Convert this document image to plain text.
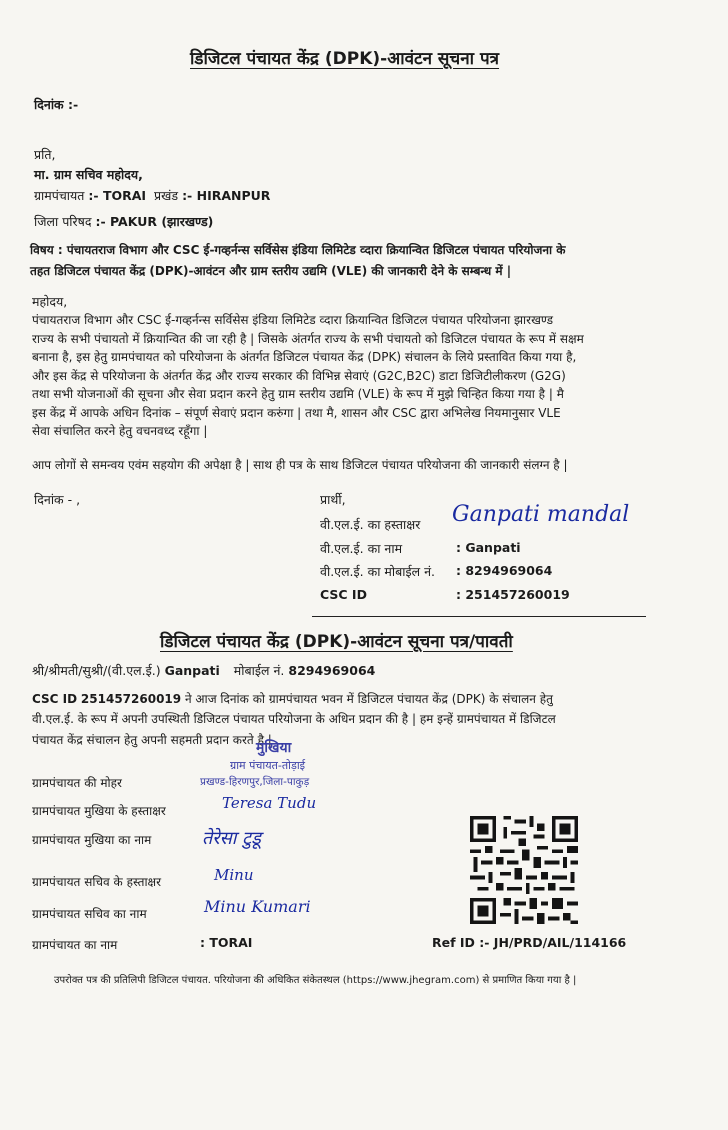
डिजिटल पंचायत केंद्र (DPK)-आवंटन सूचना पत्र
दिनांक :-
प्रति,
मा. ग्राम सचिव महोदय,
ग्रामपंचायत :- TORAI प्रखंड :- HIRANPUR
जिला परिषद :- PAKUR (झारखण्ड)
विषय : पंचायतराज विभाग और CSC ई-गव्हर्नन्स सर्विसेस इंडिया लिमिटेड व्दारा क्रियान्वित डिजिटल पंचायत परियोजना के
तहत डिजिटल पंचायत केंद्र (DPK)-आवंटन और ग्राम स्तरीय उद्यमि (VLE) की जानकारी देने के सम्बन्ध में |
महोदय,
पंचायतराज विभाग और CSC ई-गव्हर्नन्स सर्विसेस इंडिया लिमिटेड व्दारा क्रियान्वित डिजिटल पंचायत परियोजना झारखण्ड
राज्य के सभी पंचायतो में क्रियान्वित की जा रही है | जिसके अंतर्गत राज्य के सभी पंचायतो को डिजिटल पंचायत के रूप में सक्षम
बनाना है, इस हेतु ग्रामपंचायत को परियोजना के अंतर्गत डिजिटल पंचायत केंद्र (DPK) संचालन के लिये प्रस्तावित किया गया है,
और इस केंद्र से परियोजना के अंतर्गत केंद्र और राज्य सरकार की विभिन्न सेवाएं (G2C,B2C) डाटा डिजिटीलीकरण (G2G)
तथा सभी योजनाओं की सूचना और सेवा प्रदान करने हेतु ग्राम स्तरीय उद्यमि (VLE) के रूप में मुझे चिन्हित किया गया है | मै
इस केंद्र में आपके अधिन दिनांक – संपूर्ण सेवाएं प्रदान करुंगा | तथा मै, शासन और CSC द्वारा अभिलेख नियमानुसार VLE
सेवा संचालित करने हेतु वचनवध्द रहूँगा |
आप लोगों से समन्वय एवंम सहयोग की अपेक्षा है | साथ ही पत्र के साथ डिजिटल पंचायत परियोजना की जानकारी संलग्न है |
दिनांक - ,	प्रार्थी,
वी.एल.ई. का हस्ताक्षर Ganpati mandal
वी.एल.ई. का नाम	: Ganpati
वी.एल.ई. का मोबाईल नं. : 8294969064
CSC ID	: 251457260019
डिजिटल पंचायत केंद्र (DPK)-आवंटन सूचना पत्र/पावती
श्री/श्रीमती/सुश्री/(वी.एल.ई.) Ganpati मोबाईल नं. 8294969064
CSC ID 251457260019 ने आज दिनांक को ग्रामपंचायत भवन में डिजिटल पंचायत केंद्र (DPK) के संचालन हेतु
वी.एल.ई. के रूप में अपनी उपस्थिती डिजिटल पंचायत परियोजना के अधिन प्रदान की है | हम इन्हें ग्रामपंचायत में डिजिटल
पंचायत केंद्र संचालन हेतु अपनी सहमती प्रदान करते है |
मुखिया
ग्राम पंचायत-तोड़ाई
प्रखण्ड-हिरणपुर,जिला-पाकुड़
ग्रामपंचायत की मोहर
ग्रामपंचायत मुखिया के हस्ताक्षर	Teresa Tudu
ग्रामपंचायत मुखिया का नाम	तेरेसा टुडू
ग्रामपंचायत सचिव के हस्ताक्षर	Minu
ग्रामपंचायत सचिव का नाम	Minu Kumari
ग्रामपंचायत का नाम	: TORAI	Ref ID :- JH/PRD/AIL/114166
उपरोक्त पत्र की प्रतिलिपी डिजिटल पंचायत. परियोजना की अधिकित संकेतस्थल (https://www.jhegram.com) से प्रमाणित किया गया है |
